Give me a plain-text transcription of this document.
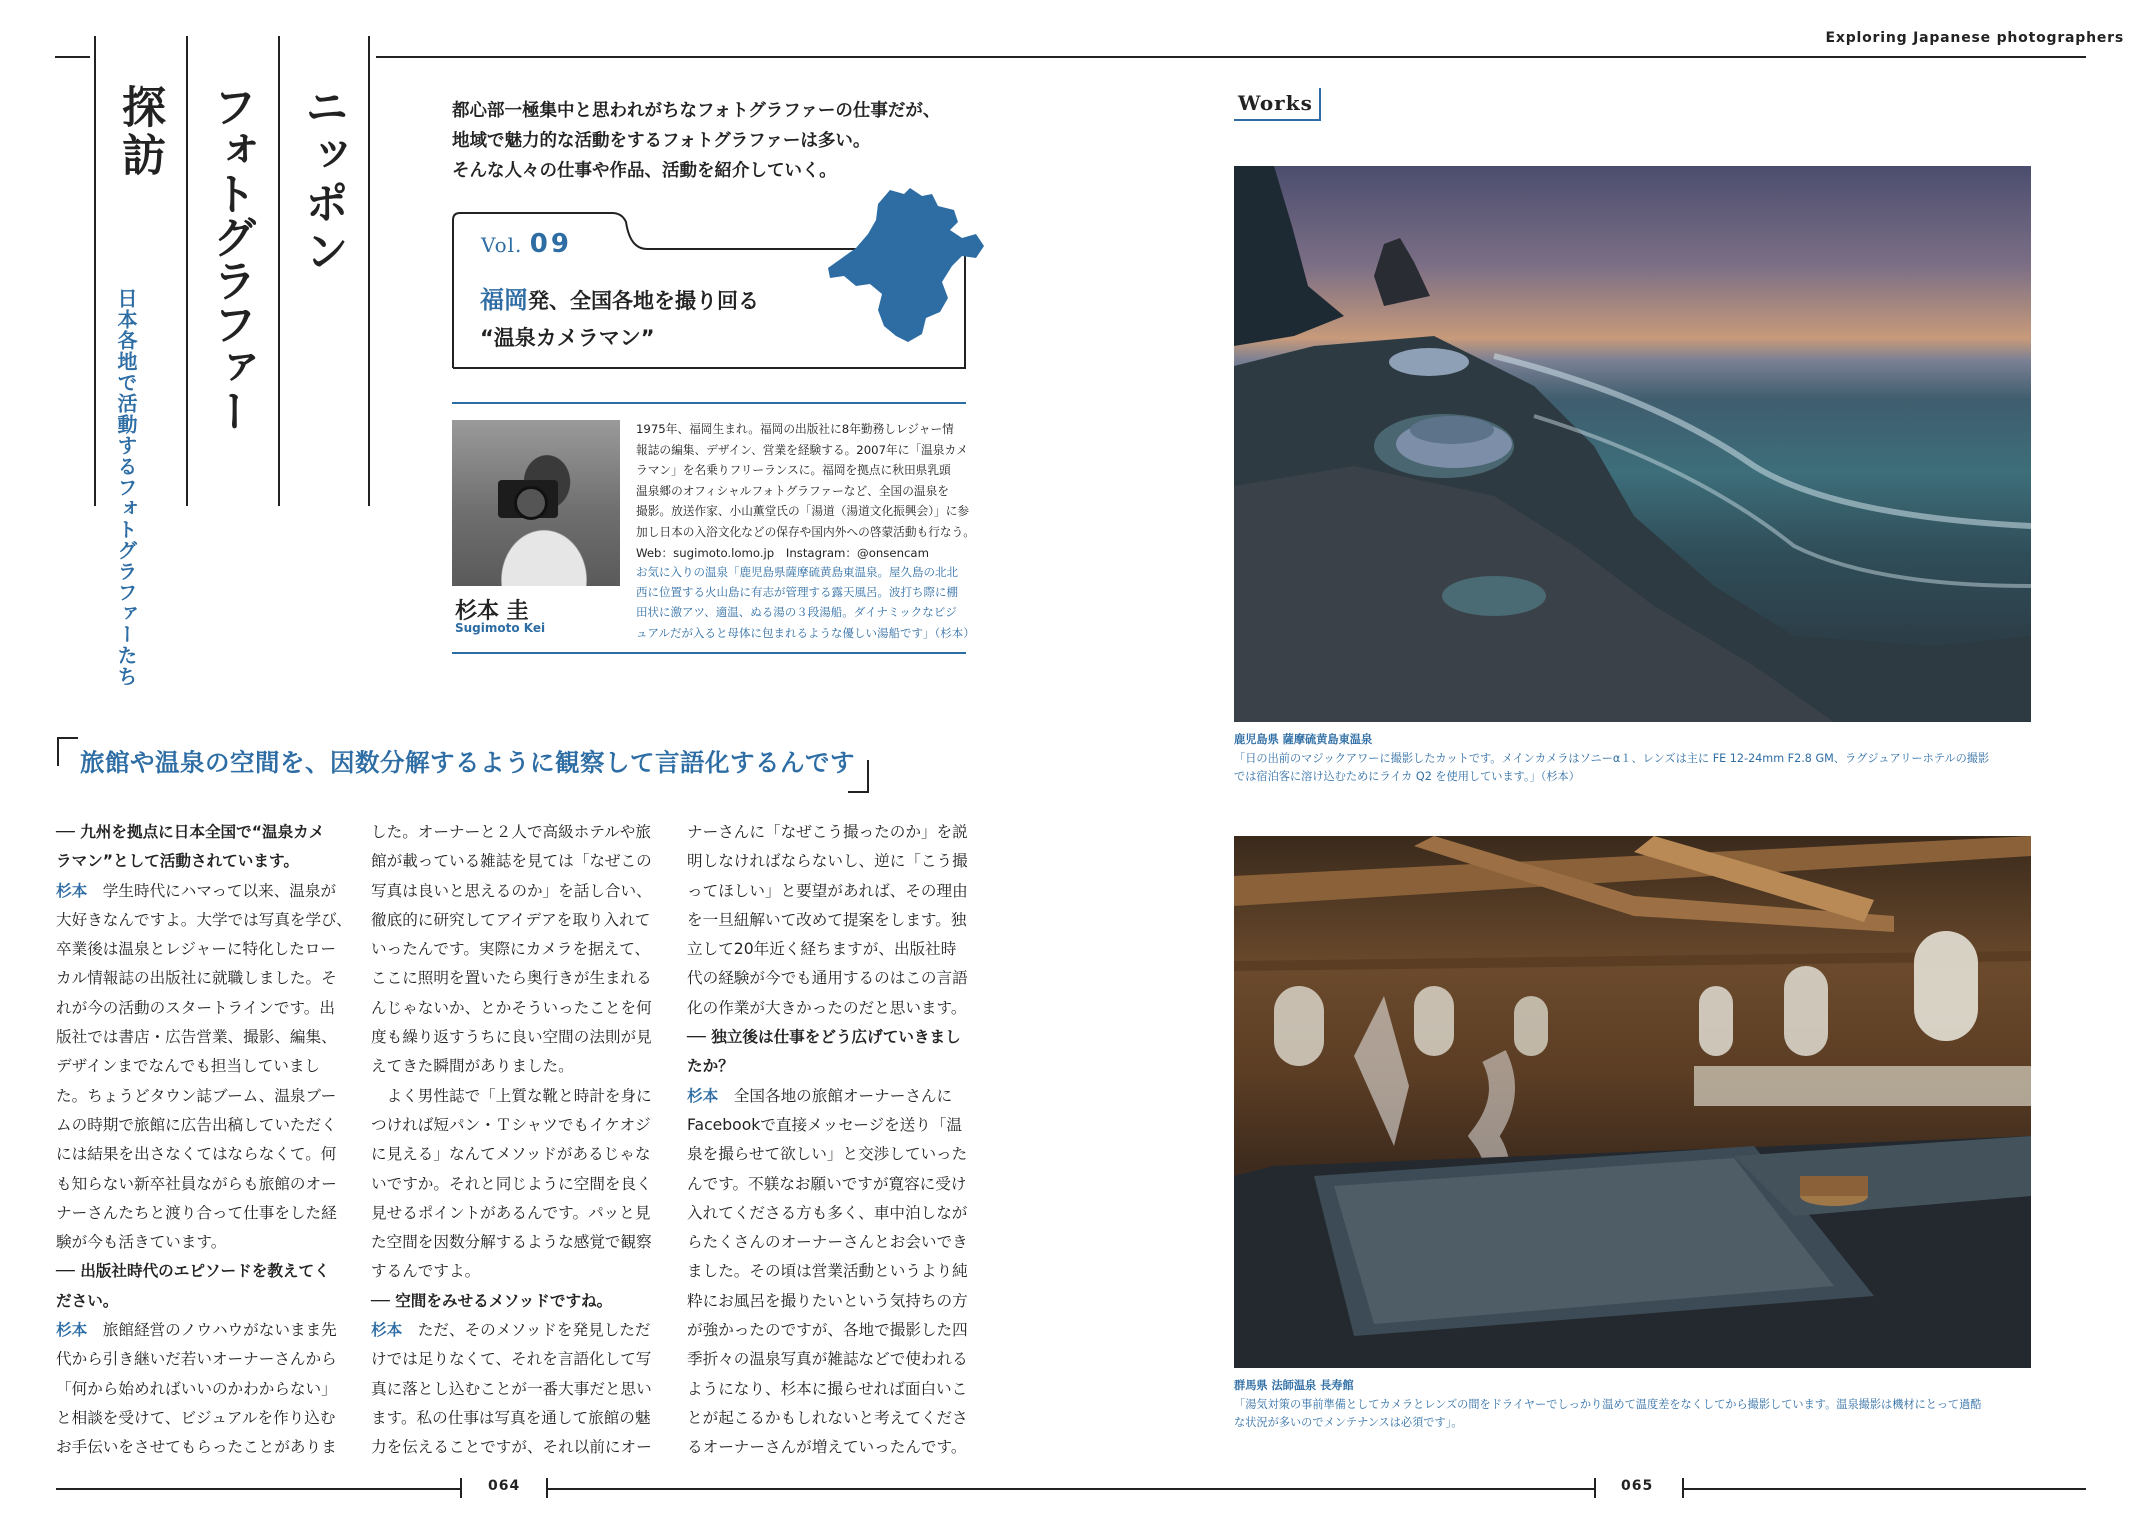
探訪
日本各地で活動するフォトグラファーたち
フォトグラファー ニッポン	都心部一極集中と思われがちなフォトグラファーの仕事だが、
地域で魅力的な活動をするフォトグラファーは多い。
そんな人々の仕事や作品、活動を紹介していく。
Vol. 09
福岡発、全国各地を撮り回る
“温泉カメラマン”
杉本 圭
Sugimoto Kei
1975年、福岡生まれ。福岡の出版社に8年勤務しレジャー情
報誌の編集、デザイン、営業を経験する。2007年に「温泉カメ
ラマン」を名乗りフリーランスに。福岡を拠点に秋田県乳頭
温泉郷のオフィシャルフォトグラファーなど、全国の温泉を
撮影。放送作家、小山薫堂氏の「湯道（湯道文化振興会）」に参
加し日本の入浴文化などの保存や国内外への啓蒙活動も行なう。
Web：sugimoto.lomo.jp　Instagram：@onsencam
お気に入りの温泉「鹿児島県薩摩硫黄島東温泉。屋久島の北北
西に位置する火山島に有志が管理する露天風呂。波打ち際に棚
田状に激アツ、適温、ぬる湯の３段湯船。ダイナミックなビジ
ュアルだが入ると母体に包まれるような優しい湯船です」（杉本）
旅館や温泉の空間を、因数分解するように観察して言語化するんです
── 九州を拠点に日本全国で“温泉カメ
ラマン”として活動されています。
杉本　学生時代にハマって以来、温泉が
大好きなんですよ。大学では写真を学び、
卒業後は温泉とレジャーに特化したロー
カル情報誌の出版社に就職しました。そ
れが今の活動のスタートラインです。出
版社では書店・広告営業、撮影、編集、
デザインまでなんでも担当していまし
た。ちょうどタウン誌ブーム、温泉ブー
ムの時期で旅館に広告出稿していただく
には結果を出さなくてはならなくて。何
も知らない新卒社員ながらも旅館のオー
ナーさんたちと渡り合って仕事をした経
験が今も活きています。
── 出版社時代のエピソードを教えてく
ださい。
杉本　旅館経営のノウハウがないまま先
代から引き継いだ若いオーナーさんから
「何から始めればいいのかわからない」
と相談を受けて、ビジュアルを作り込む
お手伝いをさせてもらったことがありま
した。オーナーと２人で高級ホテルや旅
館が載っている雑誌を見ては「なぜこの
写真は良いと思えるのか」を話し合い、
徹底的に研究してアイデアを取り入れて
いったんです。実際にカメラを据えて、
ここに照明を置いたら奥行きが生まれる
んじゃないか、とかそういったことを何
度も繰り返すうちに良い空間の法則が見
えてきた瞬間がありました。
　よく男性誌で「上質な靴と時計を身に
つければ短パン・Ｔシャツでもイケオジ
に見える」なんてメソッドがあるじゃな
いですか。それと同じように空間を良く
見せるポイントがあるんです。パッと見
た空間を因数分解するような感覚で観察
するんですよ。
── 空間をみせるメソッドですね。
杉本　ただ、そのメソッドを発見しただ
けでは足りなくて、それを言語化して写
真に落とし込むことが一番大事だと思い
ます。私の仕事は写真を通して旅館の魅
力を伝えることですが、それ以前にオー
ナーさんに「なぜこう撮ったのか」を説
明しなければならないし、逆に「こう撮
ってほしい」と要望があれば、その理由
を一旦紐解いて改めて提案をします。独
立して20年近く経ちますが、出版社時
代の経験が今でも通用するのはこの言語
化の作業が大きかったのだと思います。
── 独立後は仕事をどう広げていきまし
たか？
杉本　全国各地の旅館オーナーさんに
Facebookで直接メッセージを送り「温
泉を撮らせて欲しい」と交渉していった
んです。不躾なお願いですが寛容に受け
入れてくださる方も多く、車中泊しなが
らたくさんのオーナーさんとお会いでき
ました。その頃は営業活動というより純
粋にお風呂を撮りたいという気持ちの方
が強かったのですが、各地で撮影した四
季折々の温泉写真が雑誌などで使われる
ようになり、杉本に撮らせれば面白いこ
とが起こるかもしれないと考えてくださ
るオーナーさんが増えていったんです。
064
Exploring Japanese photographers
Works
鹿児島県 薩摩硫黄島東温泉
「日の出前のマジックアワーに撮影したカットです。メインカメラはソニーα１、レンズは主に FE 12-24mm F2.8 GM、ラグジュアリーホテルの撮影
では宿泊客に溶け込むためにライカ Q2 を使用しています。」（杉本）
群馬県 法師温泉 長寿館
「湯気対策の事前準備としてカメラとレンズの間をドライヤーでしっかり温めて温度差をなくしてから撮影しています。温泉撮影は機材にとって過酷
な状況が多いのでメンテナンスは必須です」。
065
